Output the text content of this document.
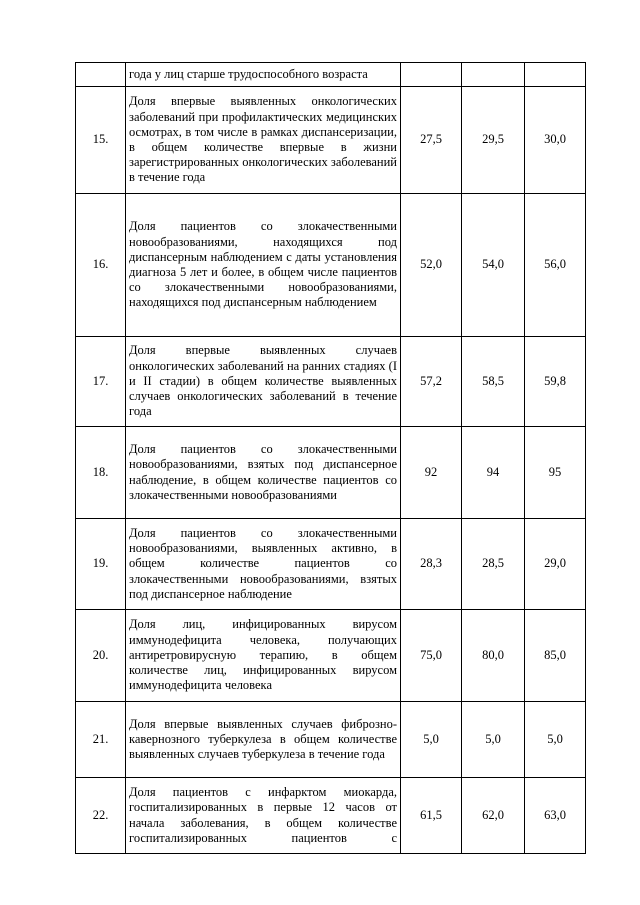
	года у лиц старше трудоспособного возраста			
15.	Доля впервые выявленных онкологических заболеваний при профилактических медицинских осмотрах, в том числе в рамках диспансеризации, в общем количестве впервые в жизни зарегистрированных онкологических заболеваний в течение года	27,5	29,5	30,0
16.	Доля пациентов со злокачественными новообразованиями, находящихся под диспансерным наблюдением с даты установления диагноза 5 лет и более, в общем числе пациентов со злокачественными новообразованиями, находящихся под диспансерным наблюдением	52,0	54,0	56,0
17.	Доля впервые выявленных случаев онкологических заболеваний на ранних стадиях (I и II стадии) в общем количестве выявленных случаев онкологических заболеваний в течение года	57,2	58,5	59,8
18.	Доля пациентов со злокачественными новообразованиями, взятых под диспансерное наблюдение, в общем количестве пациентов со злокачественными новообразованиями	92	94	95
19.	Доля пациентов со злокачественными новообразованиями, выявленных активно, в общем количестве пациентов со злокачественными новообразованиями, взятых под диспансерное наблюдение	28,3	28,5	29,0
20.	Доля лиц, инфицированных вирусом иммунодефицита человека, получающих антиретровирусную терапию, в общем количестве лиц, инфицированных вирусом иммунодефицита человека	75,0	80,0	85,0
21.	Доля впервые выявленных случаев фиброзно-кавернозного туберкулеза в общем количестве выявленных случаев туберкулеза в течение года	5,0	5,0	5,0
22.	Доля пациентов с инфарктом миокарда, госпитализированных в первые 12 часов от начала заболевания, в общем количестве госпитализированных пациентов с	61,5	62,0	63,0
